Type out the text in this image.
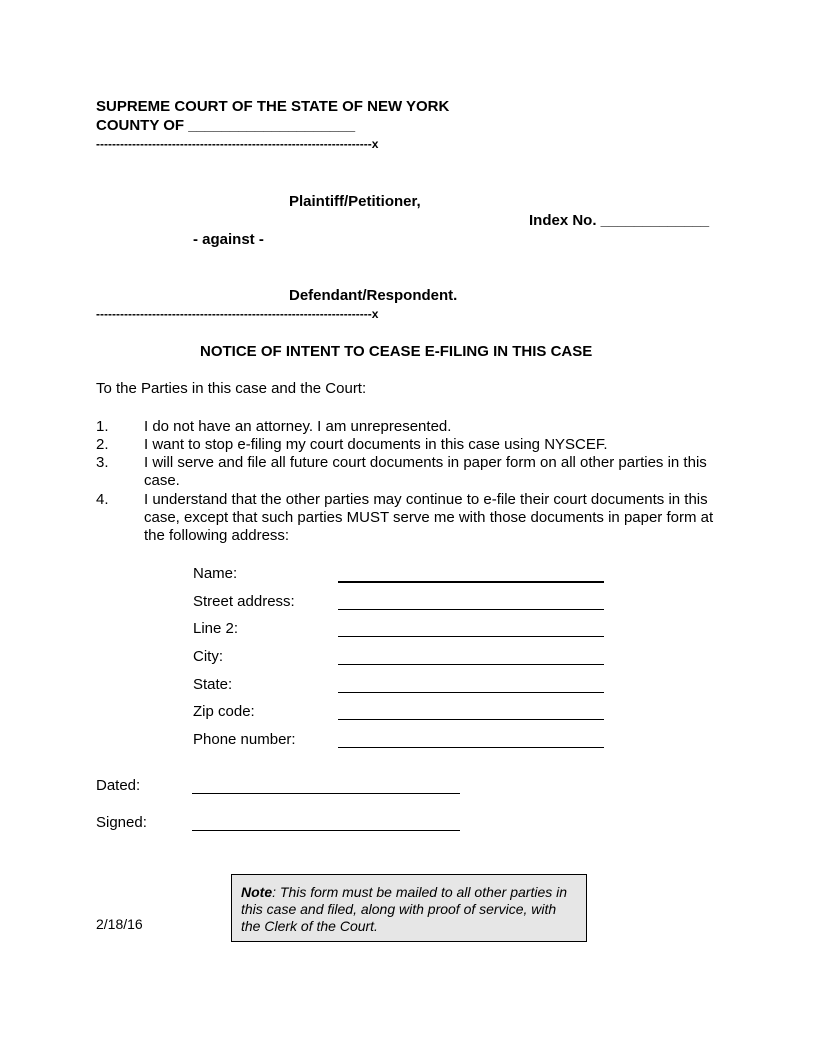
SUPREME COURT OF THE STATE OF NEW YORK
COUNTY OF ____________________
---------------------------------------------------------------------x
Plaintiff/Petitioner,
Index No. _____________
- against -
Defendant/Respondent.
---------------------------------------------------------------------x
NOTICE OF INTENT TO CEASE E-FILING IN THIS CASE
To the Parties in this case and the Court:
1. I do not have an attorney. I am unrepresented.
2. I want to stop e-filing my court documents in this case using NYSCEF.
3. I will serve and file all future court documents in paper form on all other parties in this case.
4. I understand that the other parties may continue to e-file their court documents in this case, except that such parties MUST serve me with those documents in paper form at the following address:
Name:
Street address:
Line 2:
City:
State:
Zip code:
Phone number:
Dated:
Signed:
2/18/16
Note: This form must be mailed to all other parties in this case and filed, along with proof of service, with the Clerk of the Court.
